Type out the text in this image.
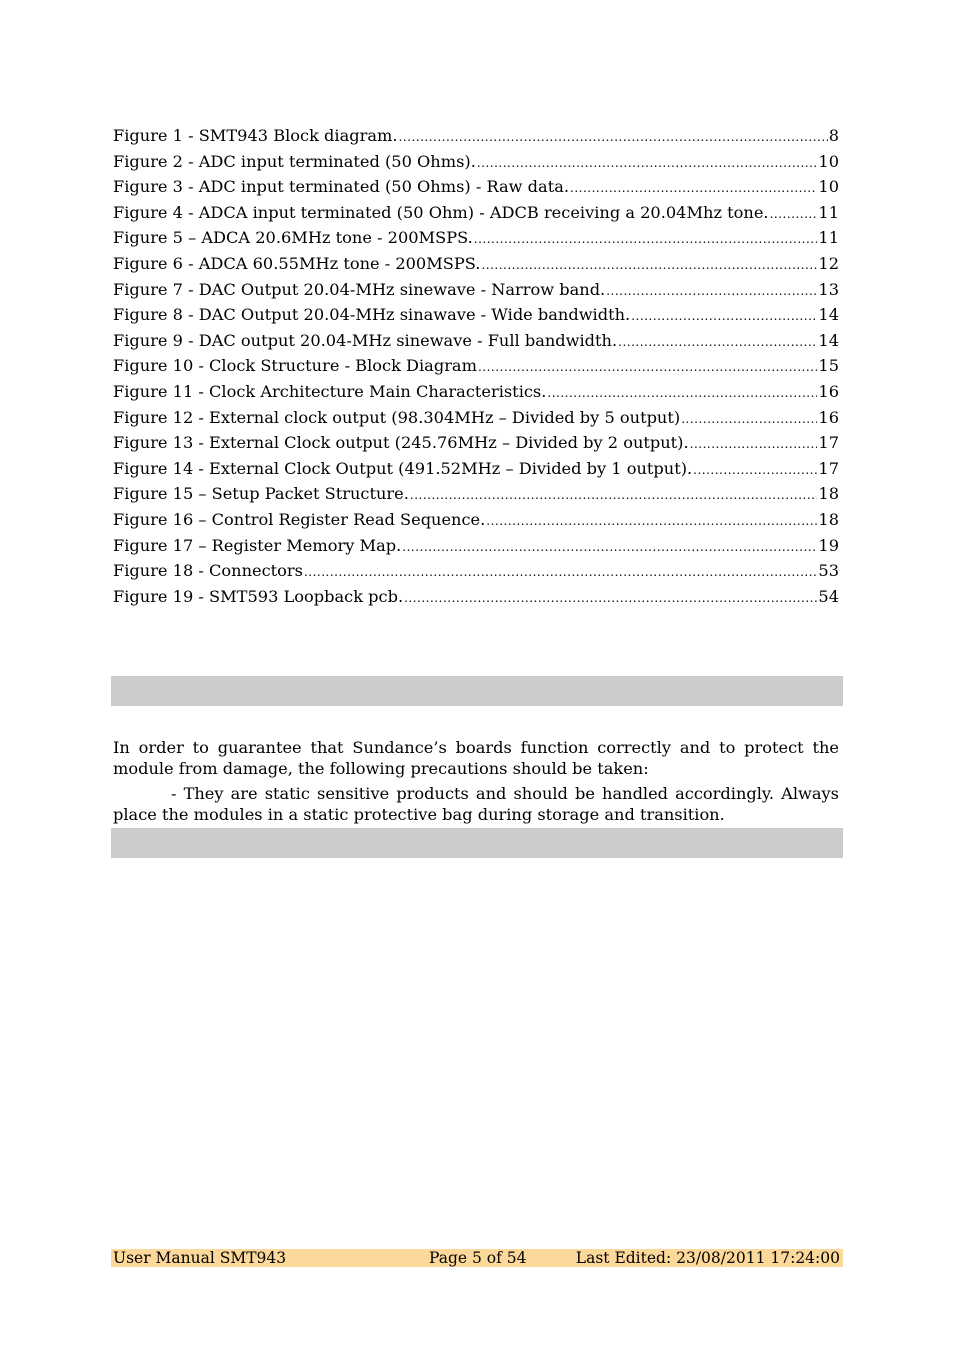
Figure 1 - SMT943 Block diagram. .....	8
Figure 2 - ADC input terminated (50 Ohms). .....	10
Figure 3 - ADC input terminated (50 Ohms) - Raw data. .....	10
Figure 4 - ADCA input terminated (50 Ohm) - ADCB receiving a 20.04Mhz tone. .....	11
Figure 5 – ADCA 20.6MHz tone - 200MSPS. .....	11
Figure 6 - ADCA 60.55MHz tone - 200MSPS. .....	12
Figure 7 - DAC Output 20.04-MHz sinewave - Narrow band. .....	13
Figure 8 - DAC Output 20.04-MHz sinawave - Wide bandwidth. .....	14
Figure 9 - DAC output 20.04-MHz sinewave - Full bandwidth. .....	14
Figure 10 - Clock Structure - Block Diagram .....	15
Figure 11 - Clock Architecture Main Characteristics. .....	16
Figure 12 - External clock output (98.304MHz – Divided by 5 output) .....	16
Figure 13 - External Clock output (245.76MHz – Divided by 2 output). .....	17
Figure 14 - External Clock Output (491.52MHz – Divided by 1 output). .....	17
Figure 15 – Setup Packet Structure. .....	18
Figure 16 – Control Register Read Sequence. .....	18
Figure 17 – Register Memory Map. .....	19
Figure 18 - Connectors .....	53
Figure 19 - SMT593 Loopback pcb. .....	54

In order to guarantee that Sundance’s boards function correctly and to protect the module from damage, the following precautions should be taken:

- They are static sensitive products and should be handled accordingly. Always place the modules in a static protective bag during storage and transition.

User Manual SMT943	Page 5 of 54	Last Edited: 23/08/2011 17:24:00
